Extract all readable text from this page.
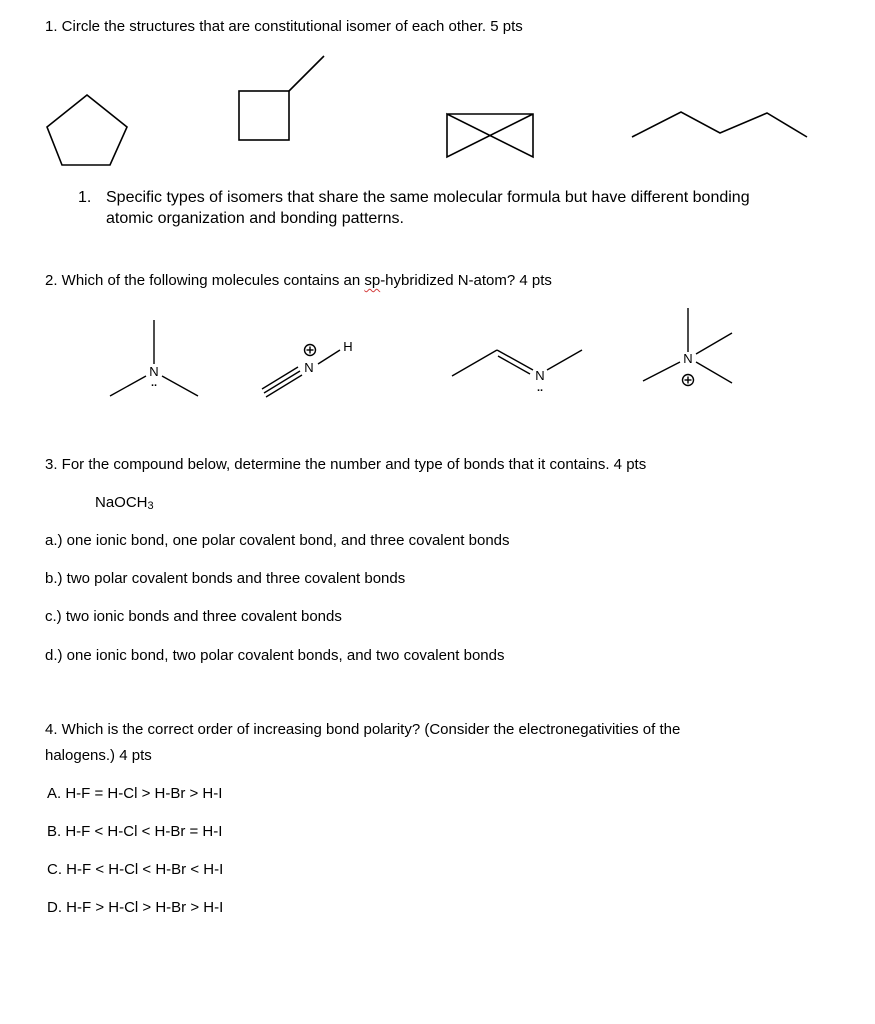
1. Circle the structures that are constitutional isomer of each other. 5 pts
1. Specific types of isomers that share the same molecular formula but have different bonding
atomic organization and bonding patterns.
2. Which of the following molecules contains an sp-hybridized N-atom? 4 pts
N
..
N
H
N
..
N
3. For the compound below, determine the number and type of bonds that it contains. 4 pts
NaOCH3
a.) one ionic bond, one polar covalent bond, and three covalent bonds
b.) two polar covalent bonds and three covalent bonds
c.) two ionic bonds and three covalent bonds
d.) one ionic bond, two polar covalent bonds, and two covalent bonds
4. Which is the correct order of increasing bond polarity? (Consider the electronegativities of the
halogens.) 4 pts
A. H-F = H-Cl > H-Br > H-I
B. H-F < H-Cl < H-Br = H-I
C. H-F < H-Cl < H-Br < H-I
D. H-F > H-Cl > H-Br > H-I
